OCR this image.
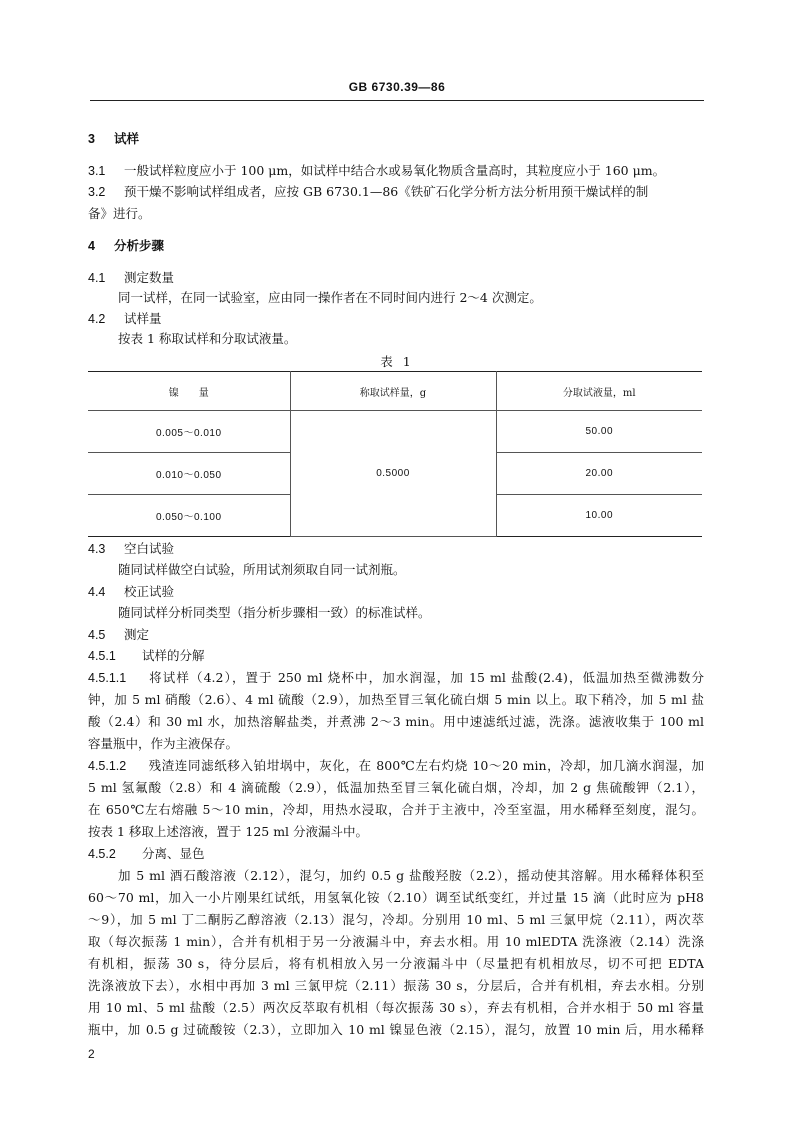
GB 6730.39—86
3 试样
3.1 一般试样粒度应小于 100 μm，如试样中结合水或易氧化物质含量高时，其粒度应小于 160 μm。
3.2 预干燥不影响试样组成者，应按 GB 6730.1—86《铁矿石化学分析方法分析用预干燥试样的制
备》进行。
4 分析步骤
4.1 测定数量
同一试样，在同一试验室，应由同一操作者在不同时间内进行 2～4 次测定。
4.2 试样量
按表 1 称取试样和分取试液量。
表 1
镍　　量	称取试样量，g	分取试液量，ml
0.005～0.010	0.5000	50.00
0.010～0.050		20.00
0.050～0.100		10.00
4.3 空白试验
随同试样做空白试验，所用试剂须取自同一试剂瓶。
4.4 校正试验
随同试样分析同类型（指分析步骤相一致）的标准试样。
4.5 测定
4.5.1 试样的分解
4.5.1.1 将试样（4.2），置于 250 ml 烧杯中，加水润湿，加 15 ml 盐酸(2.4)，低温加热至微沸数分
钟，加 5 ml 硝酸（2.6）、4 ml 硫酸（2.9），加热至冒三氧化硫白烟 5 min 以上。取下稍冷，加 5 ml 盐
酸（2.4）和 30 ml 水，加热溶解盐类，并煮沸 2～3 min。用中速滤纸过滤，洗涤。滤液收集于 100 ml
容量瓶中，作为主液保存。
4.5.1.2 残渣连同滤纸移入铂坩埚中，灰化，在 800℃左右灼烧 10～20 min，冷却，加几滴水润湿，加
5 ml 氢氟酸（2.8）和 4 滴硫酸（2.9），低温加热至冒三氧化硫白烟，冷却，加 2 g 焦硫酸钾（2.1），
在 650℃左右熔融 5～10 min，冷却，用热水浸取，合并于主液中，冷至室温，用水稀释至刻度，混匀。
按表 1 移取上述溶液，置于 125 ml 分液漏斗中。
4.5.2 分离、显色
加 5 ml 酒石酸溶液（2.12），混匀，加约 0.5 g 盐酸羟胺（2.2），摇动使其溶解。用水稀释体积至
60～70 ml，加入一小片刚果红试纸，用氢氧化铵（2.10）调至试纸变红，并过量 15 滴（此时应为 pH8
～9），加 5 ml 丁二酮肟乙醇溶液（2.13）混匀，冷却。分别用 10 ml、5 ml 三氯甲烷（2.11），两次萃
取（每次振荡 1 min），合并有机相于另一分液漏斗中，弃去水相。用 10 mlEDTA 洗涤液（2.14）洗涤
有机相，振荡 30 s，待分层后，将有机相放入另一分液漏斗中（尽量把有机相放尽，切不可把 EDTA
洗涤液放下去），水相中再加 3 ml 三氯甲烷（2.11）振荡 30 s，分层后，合并有机相，弃去水相。分别
用 10 ml、5 ml 盐酸（2.5）两次反萃取有机相（每次振荡 30 s），弃去有机相，合并水相于 50 ml 容量
瓶中，加 0.5 g 过硫酸铵（2.3），立即加入 10 ml 镍显色液（2.15），混匀，放置 10 min 后，用水稀释
2
